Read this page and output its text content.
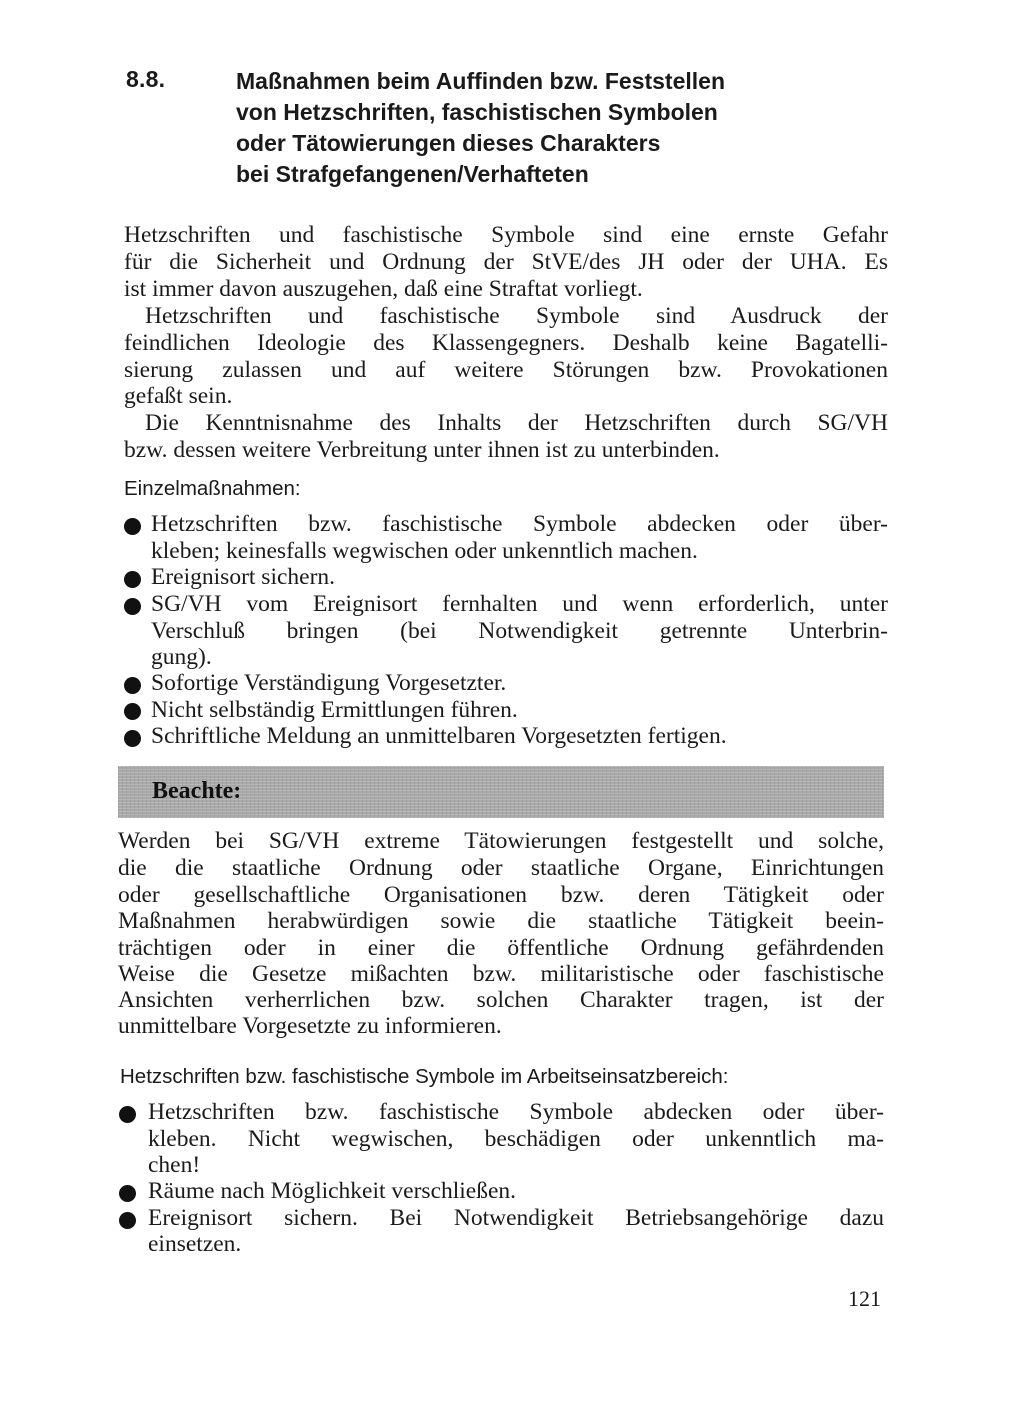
8.8.	Maßnahmen beim Auffinden bzw. Feststellen
von Hetzschriften, faschistischen Symbolen
oder Tätowierungen dieses Charakters
bei Strafgefangenen/Verhafteten
Hetzschriften und faschistische Symbole sind eine ernste Gefahr
für die Sicherheit und Ordnung der StVE/des JH oder der UHA. Es
ist immer davon auszugehen, daß eine Straftat vorliegt.
Hetzschriften und faschistische Symbole sind Ausdruck der
feindlichen Ideologie des Klassengegners. Deshalb keine Bagatelli-
sierung zulassen und auf weitere Störungen bzw. Provokationen
gefaßt sein.
Die Kenntnisnahme des Inhalts der Hetzschriften durch SG/VH
bzw. dessen weitere Verbreitung unter ihnen ist zu unterbinden.
Einzelmaßnahmen:
Hetzschriften bzw. faschistische Symbole abdecken oder über-
kleben; keinesfalls wegwischen oder unkenntlich machen.
Ereignisort sichern.
SG/VH vom Ereignisort fernhalten und wenn erforderlich, unter
Verschluß bringen (bei Notwendigkeit getrennte Unterbrin-
gung).
Sofortige Verständigung Vorgesetzter.
Nicht selbständig Ermittlungen führen.
Schriftliche Meldung an unmittelbaren Vorgesetzten fertigen.
Beachte:
Werden bei SG/VH extreme Tätowierungen festgestellt und solche,
die die staatliche Ordnung oder staatliche Organe, Einrichtungen
oder gesellschaftliche Organisationen bzw. deren Tätigkeit oder
Maßnahmen herabwürdigen sowie die staatliche Tätigkeit beein-
trächtigen oder in einer die öffentliche Ordnung gefährdenden
Weise die Gesetze mißachten bzw. militaristische oder faschistische
Ansichten verherrlichen bzw. solchen Charakter tragen, ist der
unmittelbare Vorgesetzte zu informieren.
Hetzschriften bzw. faschistische Symbole im Arbeitseinsatzbereich:
Hetzschriften bzw. faschistische Symbole abdecken oder über-
kleben. Nicht wegwischen, beschädigen oder unkenntlich ma-
chen!
Räume nach Möglichkeit verschließen.
Ereignisort sichern. Bei Notwendigkeit Betriebsangehörige dazu
einsetzen.
121
